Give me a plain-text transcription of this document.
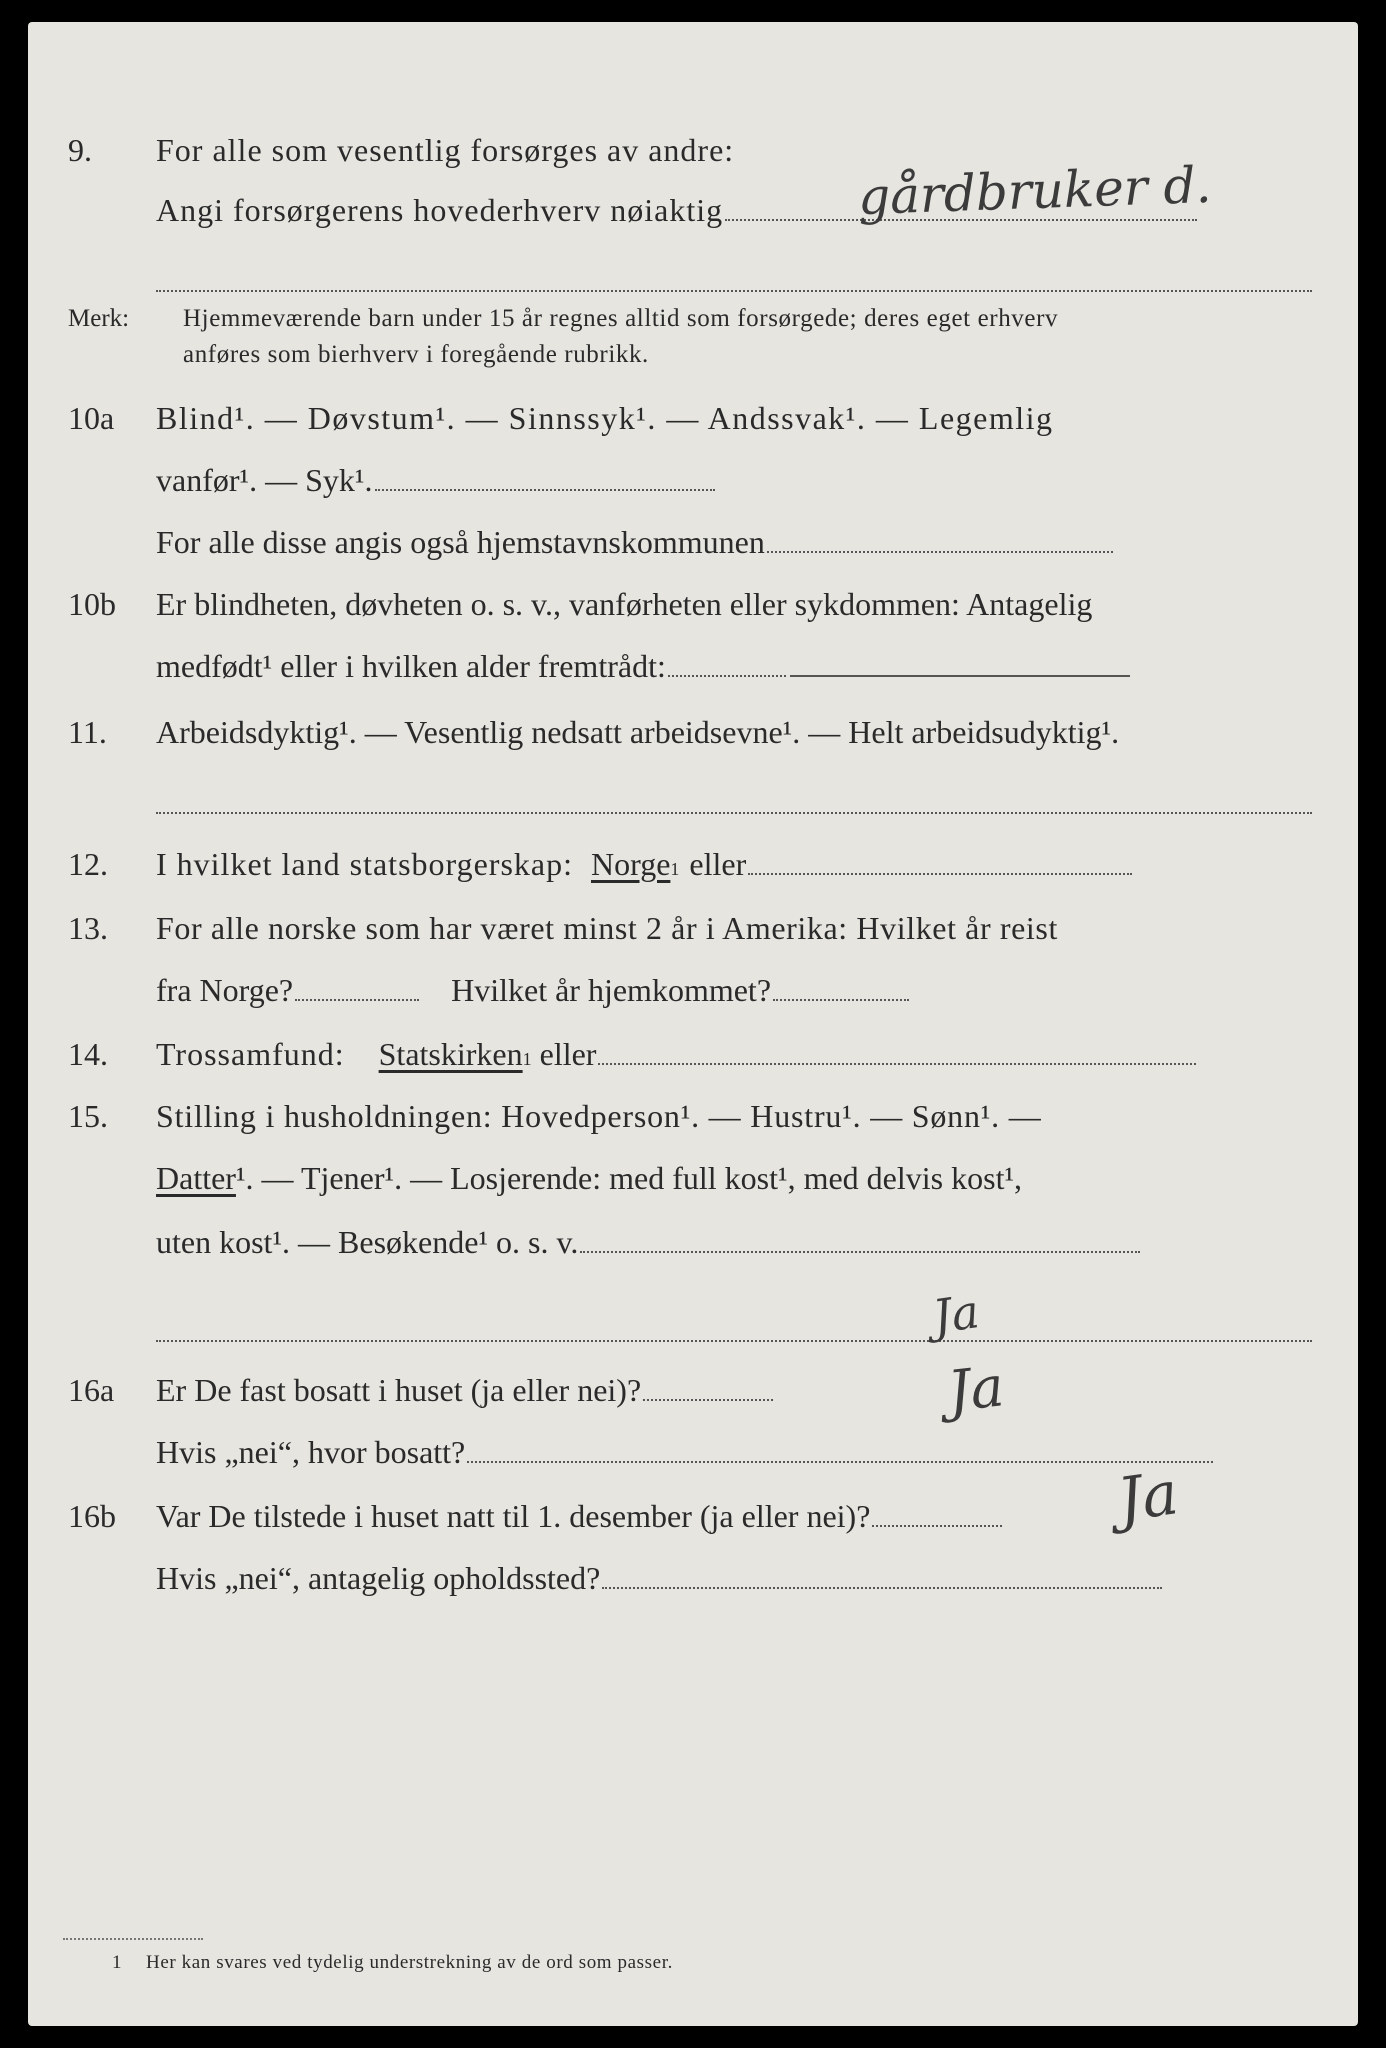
9. For alle som vesentlig forsørges av andre:
Angi forsørgerens hovederhverv nøiaktig	gårdbruker d.
Merk: Hjemmeværende barn under 15 år regnes alltid som forsørgede; deres eget erhverv
anføres som bierhverv i foregående rubrikk.
10a Blind¹. — Døvstum¹. — Sinnssyk¹. — Andssvak¹. — Legemlig
vanfør¹. — Syk¹.
For alle disse angis også hjemstavnskommunen
10b Er blindheten, døvheten o. s. v., vanførheten eller sykdommen: Antagelig
medfødt¹ eller i hvilken alder fremtrådt:
11. Arbeidsdyktig¹. — Vesentlig nedsatt arbeidsevne¹. — Helt arbeidsudyktig¹.
12. I hvilket land statsborgerskap: Norge 1 eller
13. For alle norske som har været minst 2 år i Amerika: Hvilket år reist
fra Norge?	Hvilket år hjemkommet?
14. Trossamfund: Statskirken 1 eller
15. Stilling i husholdningen: Hovedperson¹. — Hustru¹. — Sønn¹. —
Datter ¹. — Tjener¹. — Losjerende: med full kost¹, med delvis kost¹,
uten kost¹. — Besøkende¹ o. s. v.
Ja
16a Er De fast bosatt i huset (ja eller nei)?	Ja
Hvis „nei“, hvor bosatt?
16b Var De tilstede i huset natt til 1. desember (ja eller nei)?	Ja
Hvis „nei“, antagelig opholdssted?
1 Her kan svares ved tydelig understrekning av de ord som passer.
